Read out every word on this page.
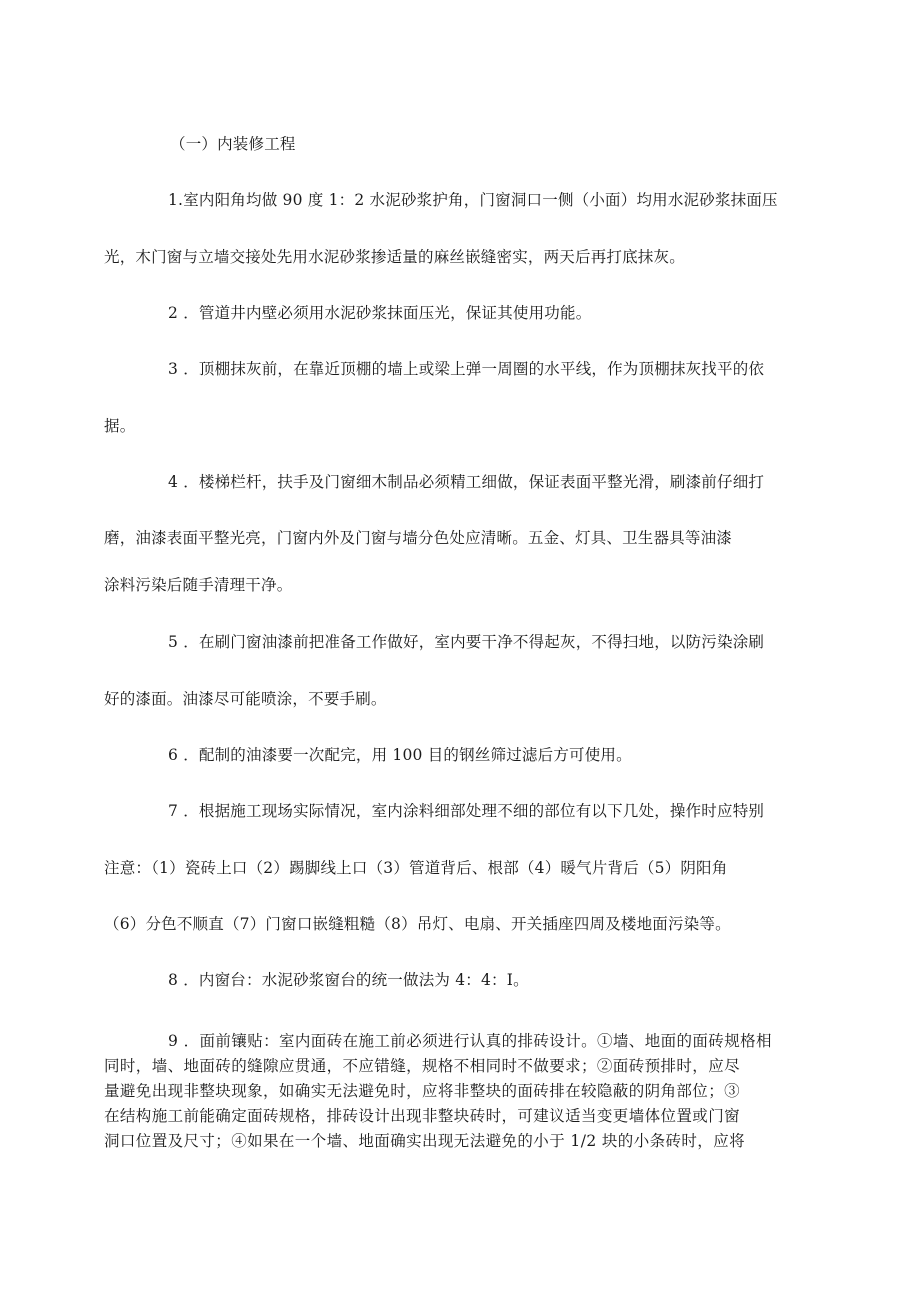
（一）内装修工程
1.室内阳角均做 90 度 1：2 水泥砂浆护角，门窗洞口一侧（小面）均用水泥砂浆抹面压
光，木门窗与立墙交接处先用水泥砂浆掺适量的麻丝嵌缝密实，两天后再打底抹灰。
2 ．管道井内壁必须用水泥砂浆抹面压光，保证其使用功能。
3 ．顶棚抹灰前，在靠近顶棚的墙上或梁上弹一周圈的水平线，作为顶棚抹灰找平的依
据。
4 ．楼梯栏杆，扶手及门窗细木制品必须精工细做，保证表面平整光滑，刷漆前仔细打
磨，油漆表面平整光亮，门窗内外及门窗与墙分色处应清晰。五金、灯具、卫生器具等油漆
涂料污染后随手清理干净。
5 ．在刷门窗油漆前把准备工作做好，室内要干净不得起灰，不得扫地，以防污染涂刷
好的漆面。油漆尽可能喷涂，不要手刷。
6 ．配制的油漆要一次配完，用 100 目的钢丝筛过滤后方可使用。
7 ．根据施工现场实际情况，室内涂料细部处理不细的部位有以下几处，操作时应特别
注意：（1）瓷砖上口（2）踢脚线上口（3）管道背后、根部（4）暖气片背后（5）阴阳角
（6）分色不顺直（7）门窗口嵌缝粗糙（8）吊灯、电扇、开关插座四周及楼地面污染等。
8 ．内窗台：水泥砂浆窗台的统一做法为 4：4：I。
9 ．面前镶贴：室内面砖在施工前必须进行认真的排砖设计。①墙、地面的面砖规格相
同时，墙、地面砖的缝隙应贯通，不应错缝，规格不相同时不做要求；②面砖预排时，应尽
量避免出现非整块现象，如确实无法避免时，应将非整块的面砖排在较隐蔽的阴角部位；③
在结构施工前能确定面砖规格，排砖设计出现非整块砖时，可建议适当变更墙体位置或门窗
洞口位置及尺寸；④如果在一个墙、地面确实出现无法避免的小于 1/2 块的小条砖时，应将
